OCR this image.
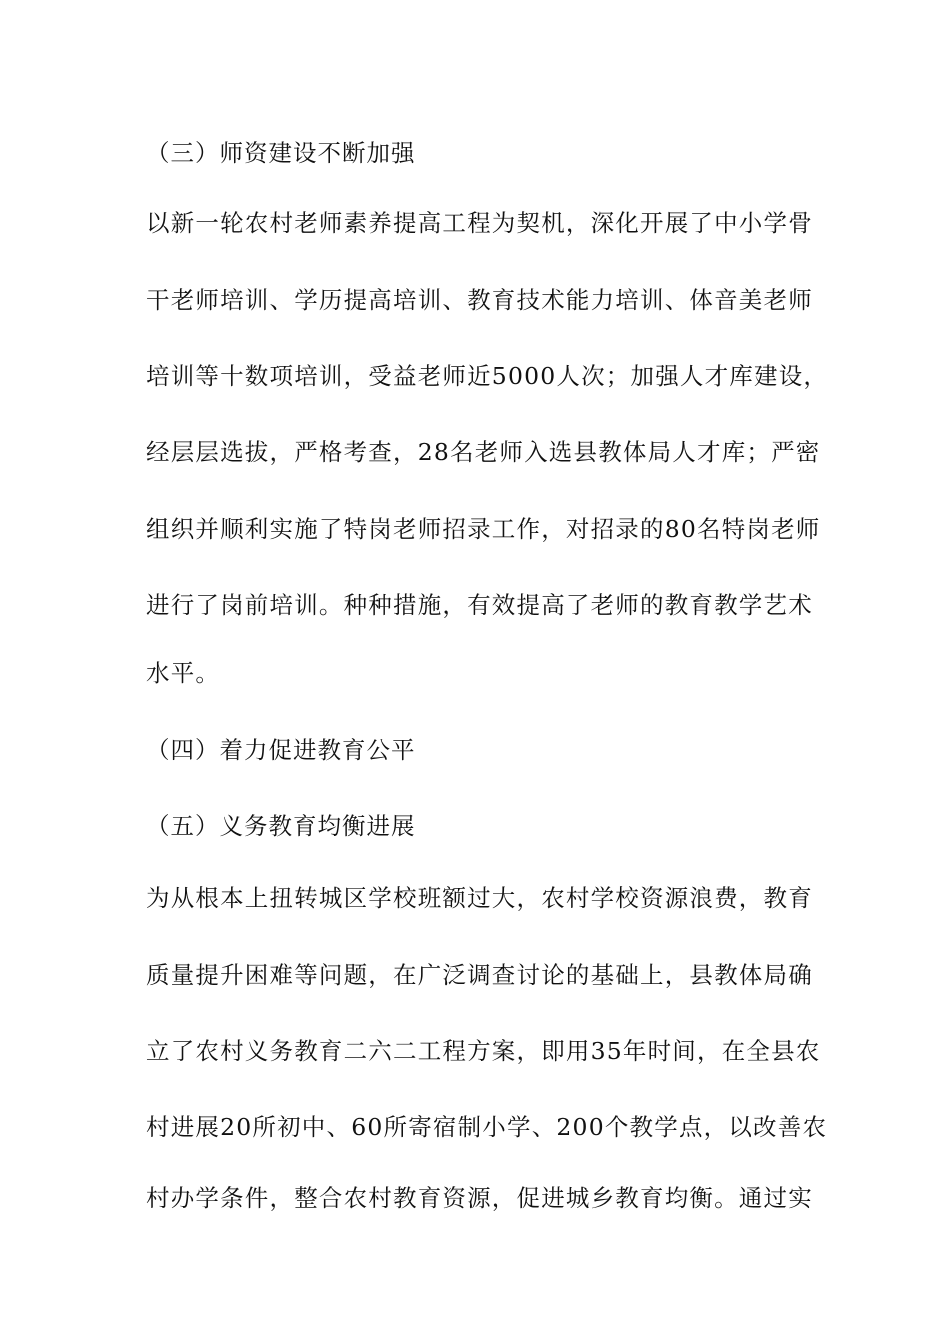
（三）师资建设不断加强
以新一轮农村老师素养提高工程为契机，深化开展了中小学骨
干老师培训、学历提高培训、教育技术能力培训、体音美老师
培训等十数项培训，受益老师近5000人次；加强人才库建设，
经层层选拔，严格考查，28名老师入选县教体局人才库；严密
组织并顺利实施了特岗老师招录工作，对招录的80名特岗老师
进行了岗前培训。种种措施，有效提高了老师的教育教学艺术
水平。
（四）着力促进教育公平
（五）义务教育均衡进展
为从根本上扭转城区学校班额过大，农村学校资源浪费，教育
质量提升困难等问题，在广泛调查讨论的基础上，县教体局确
立了农村义务教育二六二工程方案，即用35年时间，在全县农
村进展20所初中、60所寄宿制小学、200个教学点，以改善农
村办学条件，整合农村教育资源，促进城乡教育均衡。通过实
